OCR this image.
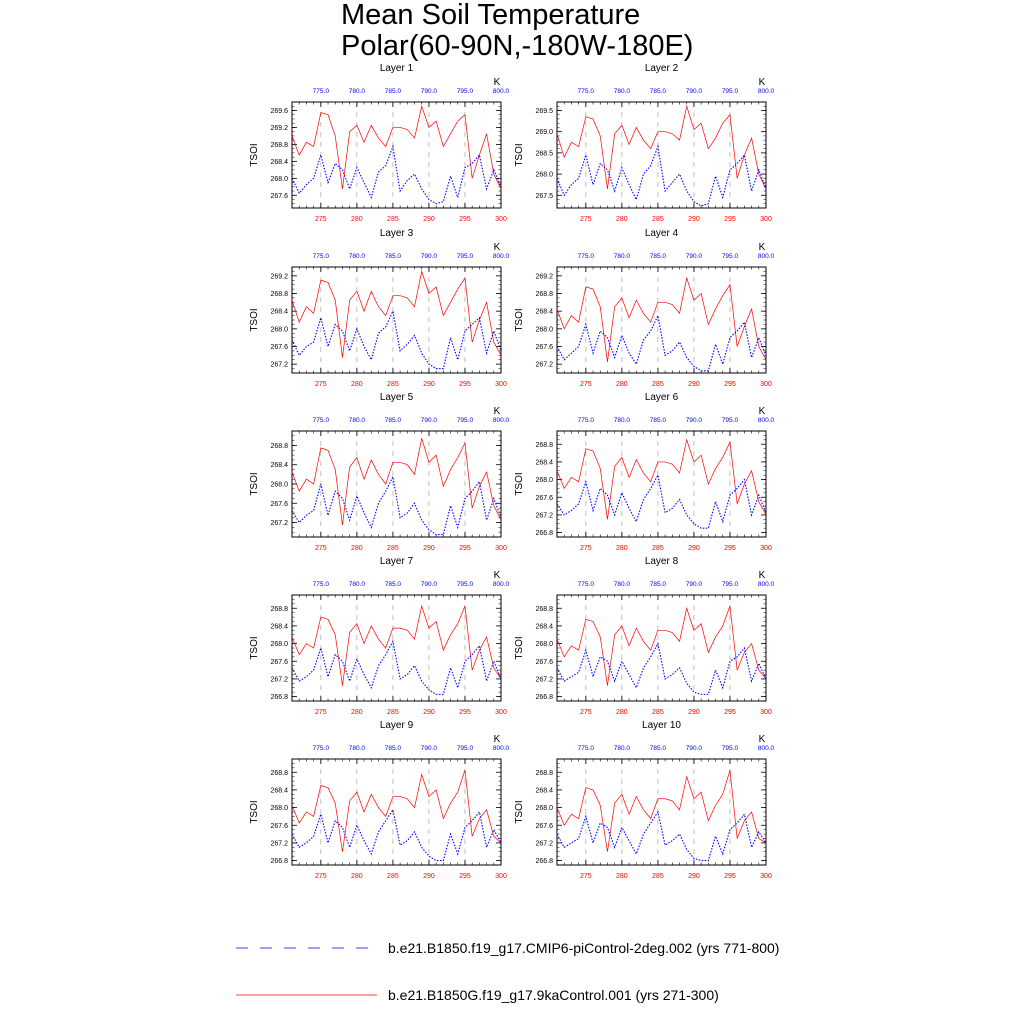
Mean Soil Temperature
Polar(60-90N,-180W-180E)
275	280	285	290	295	300
775.0	780.0	785.0	790.0	795.0	800.0
K
Layer 1
267.6
268.0
268.4
268.8
269.2
269.6
TSOI
275	280	285	290	295	300
775.0	780.0	785.0	790.0	795.0	800.0
K
Layer 2
267.5
268.0
268.5
269.0
269.5
TSOI
275	280	285	290	295	300
775.0	780.0	785.0	790.0	795.0	800.0
K
Layer 3
267.2
267.6
268.0
268.4
268.8
269.2
TSOI
275	280	285	290	295	300
775.0	780.0	785.0	790.0	795.0	800.0
K
Layer 4
267.2
267.6
268.0
268.4
268.8
269.2
TSOI
275	280	285	290	295	300
775.0	780.0	785.0	790.0	795.0	800.0
K
Layer 5
267.2
267.6
268.0
268.4
268.8
TSOI
275	280	285	290	295	300
775.0	780.0	785.0	790.0	795.0	800.0
K
Layer 6
266.8
267.2
267.6
268.0
268.4
268.8
TSOI
275	280	285	290	295	300
775.0	780.0	785.0	790.0	795.0	800.0
K
Layer 7
266.8
267.2
267.6
268.0
268.4
268.8
TSOI
275	280	285	290	295	300
775.0	780.0	785.0	790.0	795.0	800.0
K
Layer 8
266.8
267.2
267.6
268.0
268.4
268.8
TSOI
275	280	285	290	295	300
775.0	780.0	785.0	790.0	795.0	800.0
K
Layer 9
266.8
267.2
267.6
268.0
268.4
268.8
TSOI
275	280	285	290	295	300
775.0	780.0	785.0	790.0	795.0	800.0
K
Layer 10
266.8
267.2
267.6
268.0
268.4
268.8
TSOI
b.e21.B1850.f19_g17.CMIP6-piControl-2deg.002 (yrs 771-800)
b.e21.B1850G.f19_g17.9kaControl.001 (yrs 271-300)
